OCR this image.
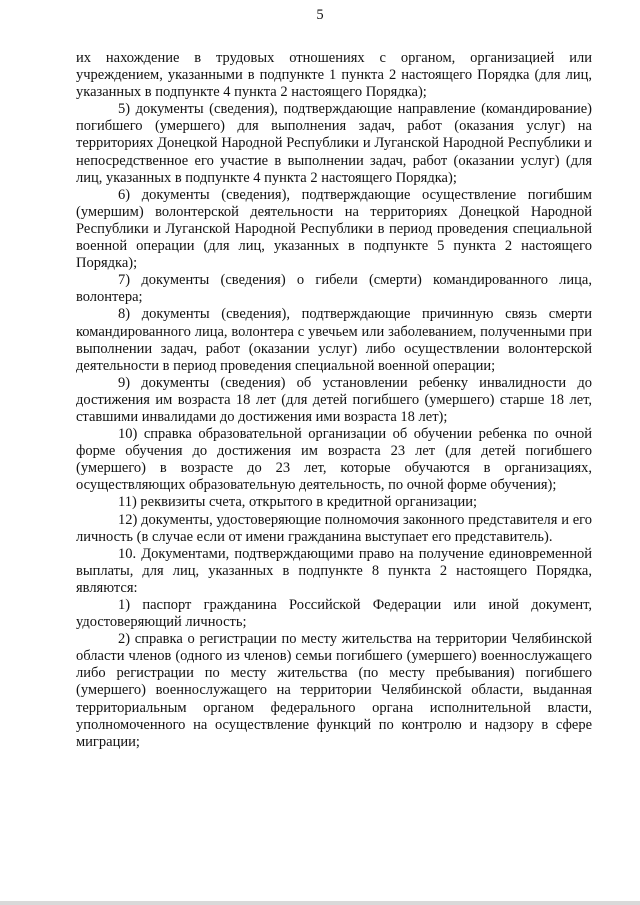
5

их нахождение в трудовых отношениях с органом, организацией или учреждением, указанными в подпункте 1 пункта 2 настоящего Порядка (для лиц, указанных в подпункте 4 пункта 2 настоящего Порядка);

5) документы (сведения), подтверждающие направление (командирование) погибшего (умершего) для выполнения задач, работ (оказания услуг) на территориях Донецкой Народной Республики и Луганской Народной Республики и непосредственное его участие в выполнении задач, работ (оказании услуг) (для лиц, указанных в подпункте 4 пункта 2 настоящего Порядка);

6) документы (сведения), подтверждающие осуществление погибшим (умершим) волонтерской деятельности на территориях Донецкой Народной Республики и Луганской Народной Республики в период проведения специальной военной операции (для лиц, указанных в подпункте 5 пункта 2 настоящего Порядка);

7) документы (сведения) о гибели (смерти) командированного лица, волонтера;

8) документы (сведения), подтверждающие причинную связь смерти командированного лица, волонтера с увечьем или заболеванием, полученными при выполнении задач, работ (оказании услуг) либо осуществлении волонтерской деятельности в период проведения специальной военной операции;

9) документы (сведения) об установлении ребенку инвалидности до достижения им возраста 18 лет (для детей погибшего (умершего) старше 18 лет, ставшими инвалидами до достижения ими возраста 18 лет);

10) справка образовательной организации об обучении ребенка по очной форме обучения до достижения им возраста 23 лет (для детей погибшего (умершего) в возрасте до 23 лет, которые обучаются в организациях, осуществляющих образовательную деятельность, по очной форме обучения);

11) реквизиты счета, открытого в кредитной организации;

12) документы, удостоверяющие полномочия законного представителя и его личность (в случае если от имени гражданина выступает его представитель).

10. Документами, подтверждающими право на получение единовременной выплаты, для лиц, указанных в подпункте 8 пункта 2 настоящего Порядка, являются:

1) паспорт гражданина Российской Федерации или иной документ, удостоверяющий личность;

2) справка о регистрации по месту жительства на территории Челябинской области членов (одного из членов) семьи погибшего (умершего) военнослужащего либо регистрации по месту жительства (по месту пребывания) погибшего (умершего) военнослужащего на территории Челябинской области, выданная территориальным органом федерального органа исполнительной власти, уполномоченного на осуществление функций по контролю и надзору в сфере миграции;
